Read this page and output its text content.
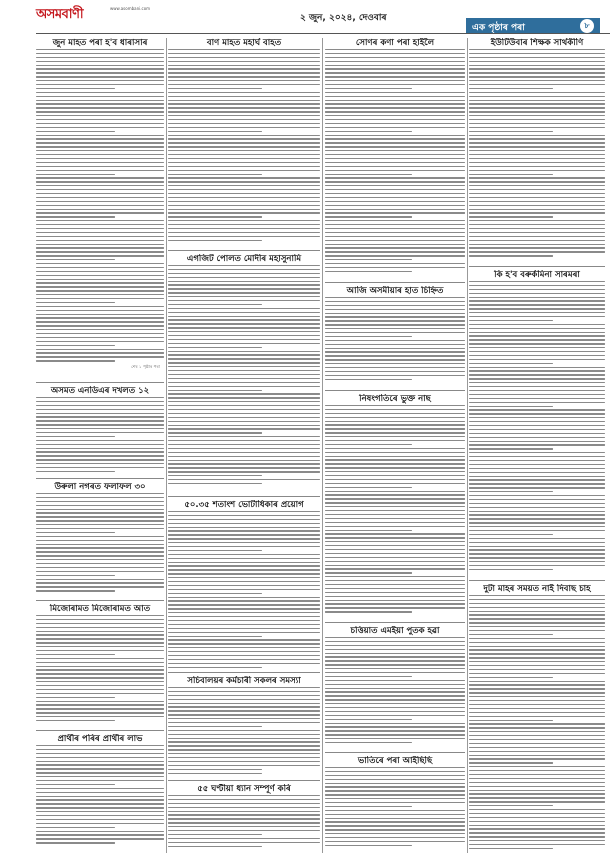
অসমবাণী	www.asombani.com
২ জুন, ২০২৪, দেওবাৰ
এক পৃষ্ঠাৰ পৰা	৮
জুন মাহত পৰা হ'ব ধাৰাসাৰ
শেষ ১ পৃষ্ঠাৰ পৰা
অসমত এনডিএৰ দখলত ১২
উৰুলা নগৰত ফলাফল ৩০
মিজোৰামত মিজোৰামত আত
প্ৰাৰ্থীৰ পৰিৰ প্ৰাৰ্থীৰ লাভ
বাণ মাহত মহাৰ্ঘ বাহত
এগজিট পোলত মোদীৰ মহাসুনামি
৫০.৩৫ শতাংশ ভোটাধিকাৰ প্ৰয়োগ
সচিবালয়ৰ কৰ্মচাৰী সকলৰ সমস্যা
৫৫ ঘণ্টীয়া ধ্যান সম্পূৰ্ণ কৰি
সোণৰ কণা পৰা হাইলৈ
আজি অসমীয়াৰ হাত চিহ্নিত
নিষংগতিৰে ভুক্ত নাছ
চত্তিয়াত এমইয়া পুতক হৱা
ভাতিৰে পৰা আইছিছি
ইউটিউবাৰ শিক্ষক সাৰ্থকীণি
কি হ'ব বৰুৰ্কমিনা সাৰমৰা
দুটা মাহৰ সময়ত নাই দিবাছ চাহ
